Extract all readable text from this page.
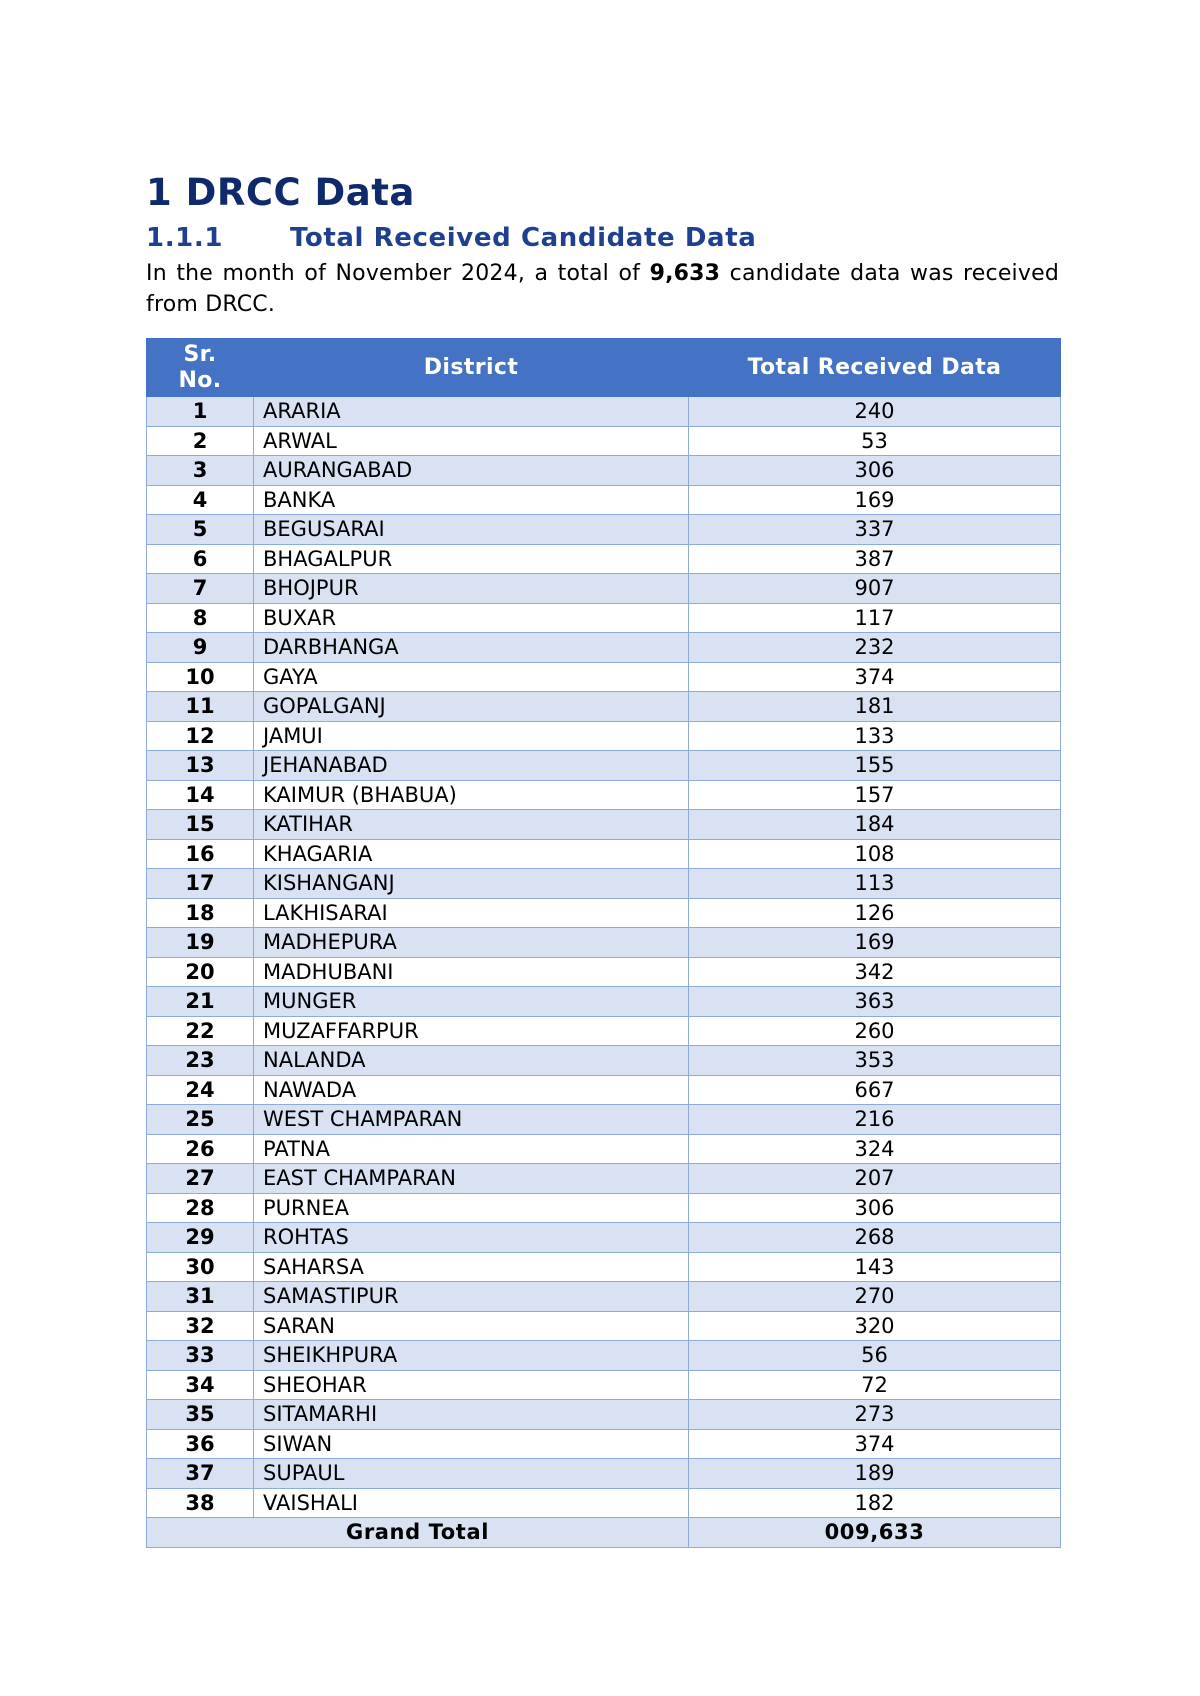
1 DRCC Data
1.1.1	Total Received Candidate Data

In the month of November 2024, a total of 9,633 candidate data was received from DRCC.

Sr. No.	District	Total Received Data
1	ARARIA	240
2	ARWAL	53
3	AURANGABAD	306
4	BANKA	169
5	BEGUSARAI	337
6	BHAGALPUR	387
7	BHOJPUR	907
8	BUXAR	117
9	DARBHANGA	232
10	GAYA	374
11	GOPALGANJ	181
12	JAMUI	133
13	JEHANABAD	155
14	KAIMUR (BHABUA)	157
15	KATIHAR	184
16	KHAGARIA	108
17	KISHANGANJ	113
18	LAKHISARAI	126
19	MADHEPURA	169
20	MADHUBANI	342
21	MUNGER	363
22	MUZAFFARPUR	260
23	NALANDA	353
24	NAWADA	667
25	WEST CHAMPARAN	216
26	PATNA	324
27	EAST CHAMPARAN	207
28	PURNEA	306
29	ROHTAS	268
30	SAHARSA	143
31	SAMASTIPUR	270
32	SARAN	320
33	SHEIKHPURA	56
34	SHEOHAR	72
35	SITAMARHI	273
36	SIWAN	374
37	SUPAUL	189
38	VAISHALI	182
Grand Total		009,633
